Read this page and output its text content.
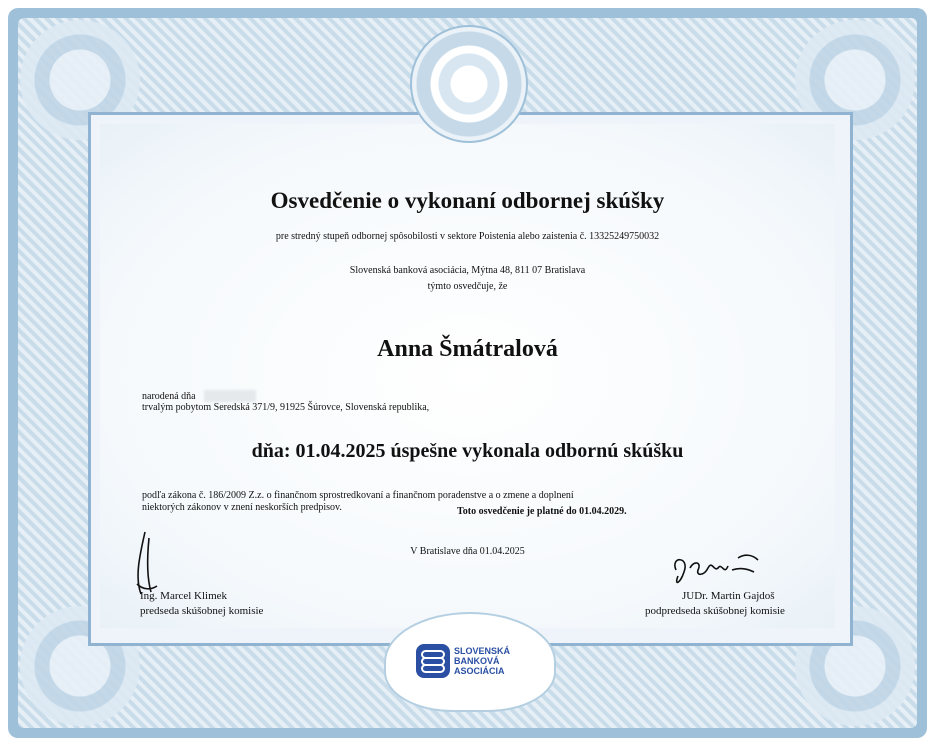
Osvedčenie o vykonaní odbornej skúšky
pre stredný stupeň odbornej spôsobilosti v sektore Poistenia alebo zaistenia č. 13325249750032
Slovenská banková asociácia, Mýtna 48, 811 07 Bratislava
týmto osvedčuje, že
Anna Šmátralová
narodená dňa
trvalým pobytom Seredská 371/9, 91925 Šúrovce, Slovenská republika,
dňa: 01.04.2025 úspešne vykonala odbornú skúšku
podľa zákona č. 186/2009 Z.z. o finančnom sprostredkovaní a finančnom poradenstve a o zmene a doplnení
niektorých zákonov v znení neskorších predpisov.	Toto osvedčenie je platné do 01.04.2029.
V Bratislave dňa 01.04.2025
Ing. Marcel Klimek
predseda skúšobnej komisie
JUDr. Martin Gajdoš
podpredseda skúšobnej komisie
SLOVENSKÁ
BANKOVÁ
ASOCIÁCIA
